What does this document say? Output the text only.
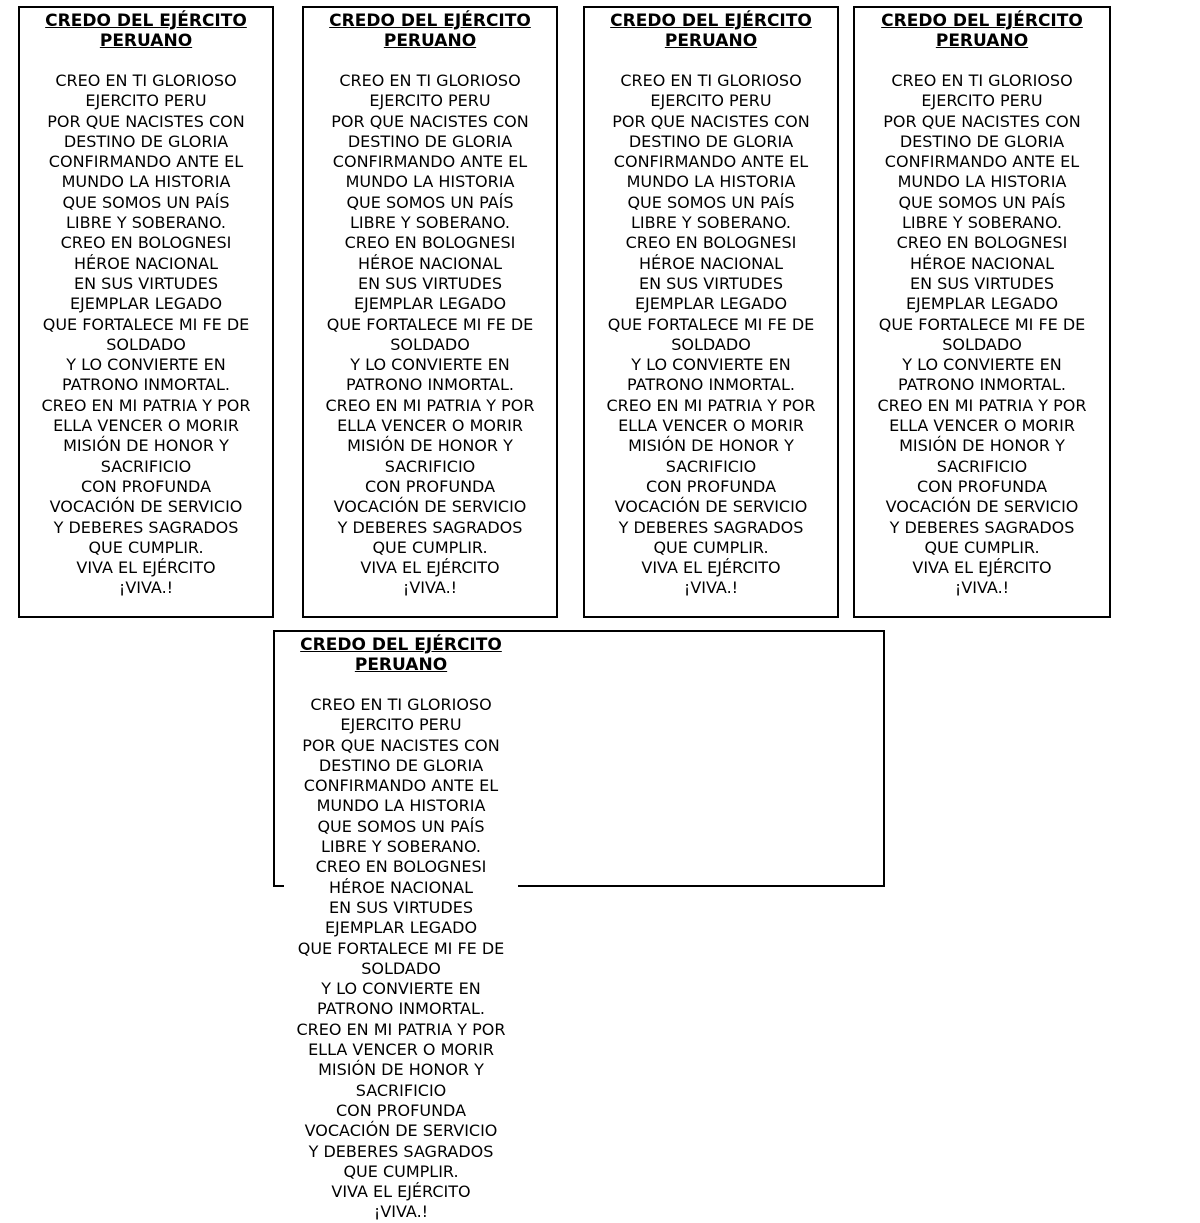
CREDO DEL EJÉRCITO
PERUANO
CREO EN TI GLORIOSO
EJERCITO PERU
POR QUE NACISTES CON
DESTINO DE GLORIA
CONFIRMANDO ANTE EL
MUNDO LA HISTORIA
QUE SOMOS UN PAÍS
LIBRE Y SOBERANO.
CREO EN BOLOGNESI
HÉROE NACIONAL
EN SUS VIRTUDES
EJEMPLAR LEGADO
QUE FORTALECE MI FE DE
SOLDADO
Y LO CONVIERTE EN
PATRONO INMORTAL.
CREO EN MI PATRIA Y POR
ELLA VENCER O MORIR
MISIÓN DE HONOR Y
SACRIFICIO
CON PROFUNDA
VOCACIÓN DE SERVICIO
Y DEBERES SAGRADOS
QUE CUMPLIR.
VIVA EL EJÉRCITO
¡VIVA.!
CREDO DEL EJÉRCITO
PERUANO
CREO EN TI GLORIOSO
EJERCITO PERU
POR QUE NACISTES CON
DESTINO DE GLORIA
CONFIRMANDO ANTE EL
MUNDO LA HISTORIA
QUE SOMOS UN PAÍS
LIBRE Y SOBERANO.
CREO EN BOLOGNESI
HÉROE NACIONAL
EN SUS VIRTUDES
EJEMPLAR LEGADO
QUE FORTALECE MI FE DE
SOLDADO
Y LO CONVIERTE EN
PATRONO INMORTAL.
CREO EN MI PATRIA Y POR
ELLA VENCER O MORIR
MISIÓN DE HONOR Y
SACRIFICIO
CON PROFUNDA
VOCACIÓN DE SERVICIO
Y DEBERES SAGRADOS
QUE CUMPLIR.
VIVA EL EJÉRCITO
¡VIVA.!
CREDO DEL EJÉRCITO
PERUANO
CREO EN TI GLORIOSO
EJERCITO PERU
POR QUE NACISTES CON
DESTINO DE GLORIA
CONFIRMANDO ANTE EL
MUNDO LA HISTORIA
QUE SOMOS UN PAÍS
LIBRE Y SOBERANO.
CREO EN BOLOGNESI
HÉROE NACIONAL
EN SUS VIRTUDES
EJEMPLAR LEGADO
QUE FORTALECE MI FE DE
SOLDADO
Y LO CONVIERTE EN
PATRONO INMORTAL.
CREO EN MI PATRIA Y POR
ELLA VENCER O MORIR
MISIÓN DE HONOR Y
SACRIFICIO
CON PROFUNDA
VOCACIÓN DE SERVICIO
Y DEBERES SAGRADOS
QUE CUMPLIR.
VIVA EL EJÉRCITO
¡VIVA.!
CREDO DEL EJÉRCITO
PERUANO
CREO EN TI GLORIOSO
EJERCITO PERU
POR QUE NACISTES CON
DESTINO DE GLORIA
CONFIRMANDO ANTE EL
MUNDO LA HISTORIA
QUE SOMOS UN PAÍS
LIBRE Y SOBERANO.
CREO EN BOLOGNESI
HÉROE NACIONAL
EN SUS VIRTUDES
EJEMPLAR LEGADO
QUE FORTALECE MI FE DE
SOLDADO
Y LO CONVIERTE EN
PATRONO INMORTAL.
CREO EN MI PATRIA Y POR
ELLA VENCER O MORIR
MISIÓN DE HONOR Y
SACRIFICIO
CON PROFUNDA
VOCACIÓN DE SERVICIO
Y DEBERES SAGRADOS
QUE CUMPLIR.
VIVA EL EJÉRCITO
¡VIVA.!
CREDO DEL EJÉRCITO
PERUANO
CREO EN TI GLORIOSO
EJERCITO PERU
POR QUE NACISTES CON
DESTINO DE GLORIA
CONFIRMANDO ANTE EL
MUNDO LA HISTORIA
QUE SOMOS UN PAÍS
LIBRE Y SOBERANO.
CREO EN BOLOGNESI
HÉROE NACIONAL
EN SUS VIRTUDES
EJEMPLAR LEGADO
QUE FORTALECE MI FE DE
SOLDADO
Y LO CONVIERTE EN
PATRONO INMORTAL.
CREO EN MI PATRIA Y POR
ELLA VENCER O MORIR
MISIÓN DE HONOR Y
SACRIFICIO
CON PROFUNDA
VOCACIÓN DE SERVICIO
Y DEBERES SAGRADOS
QUE CUMPLIR.
VIVA EL EJÉRCITO
¡VIVA.!
